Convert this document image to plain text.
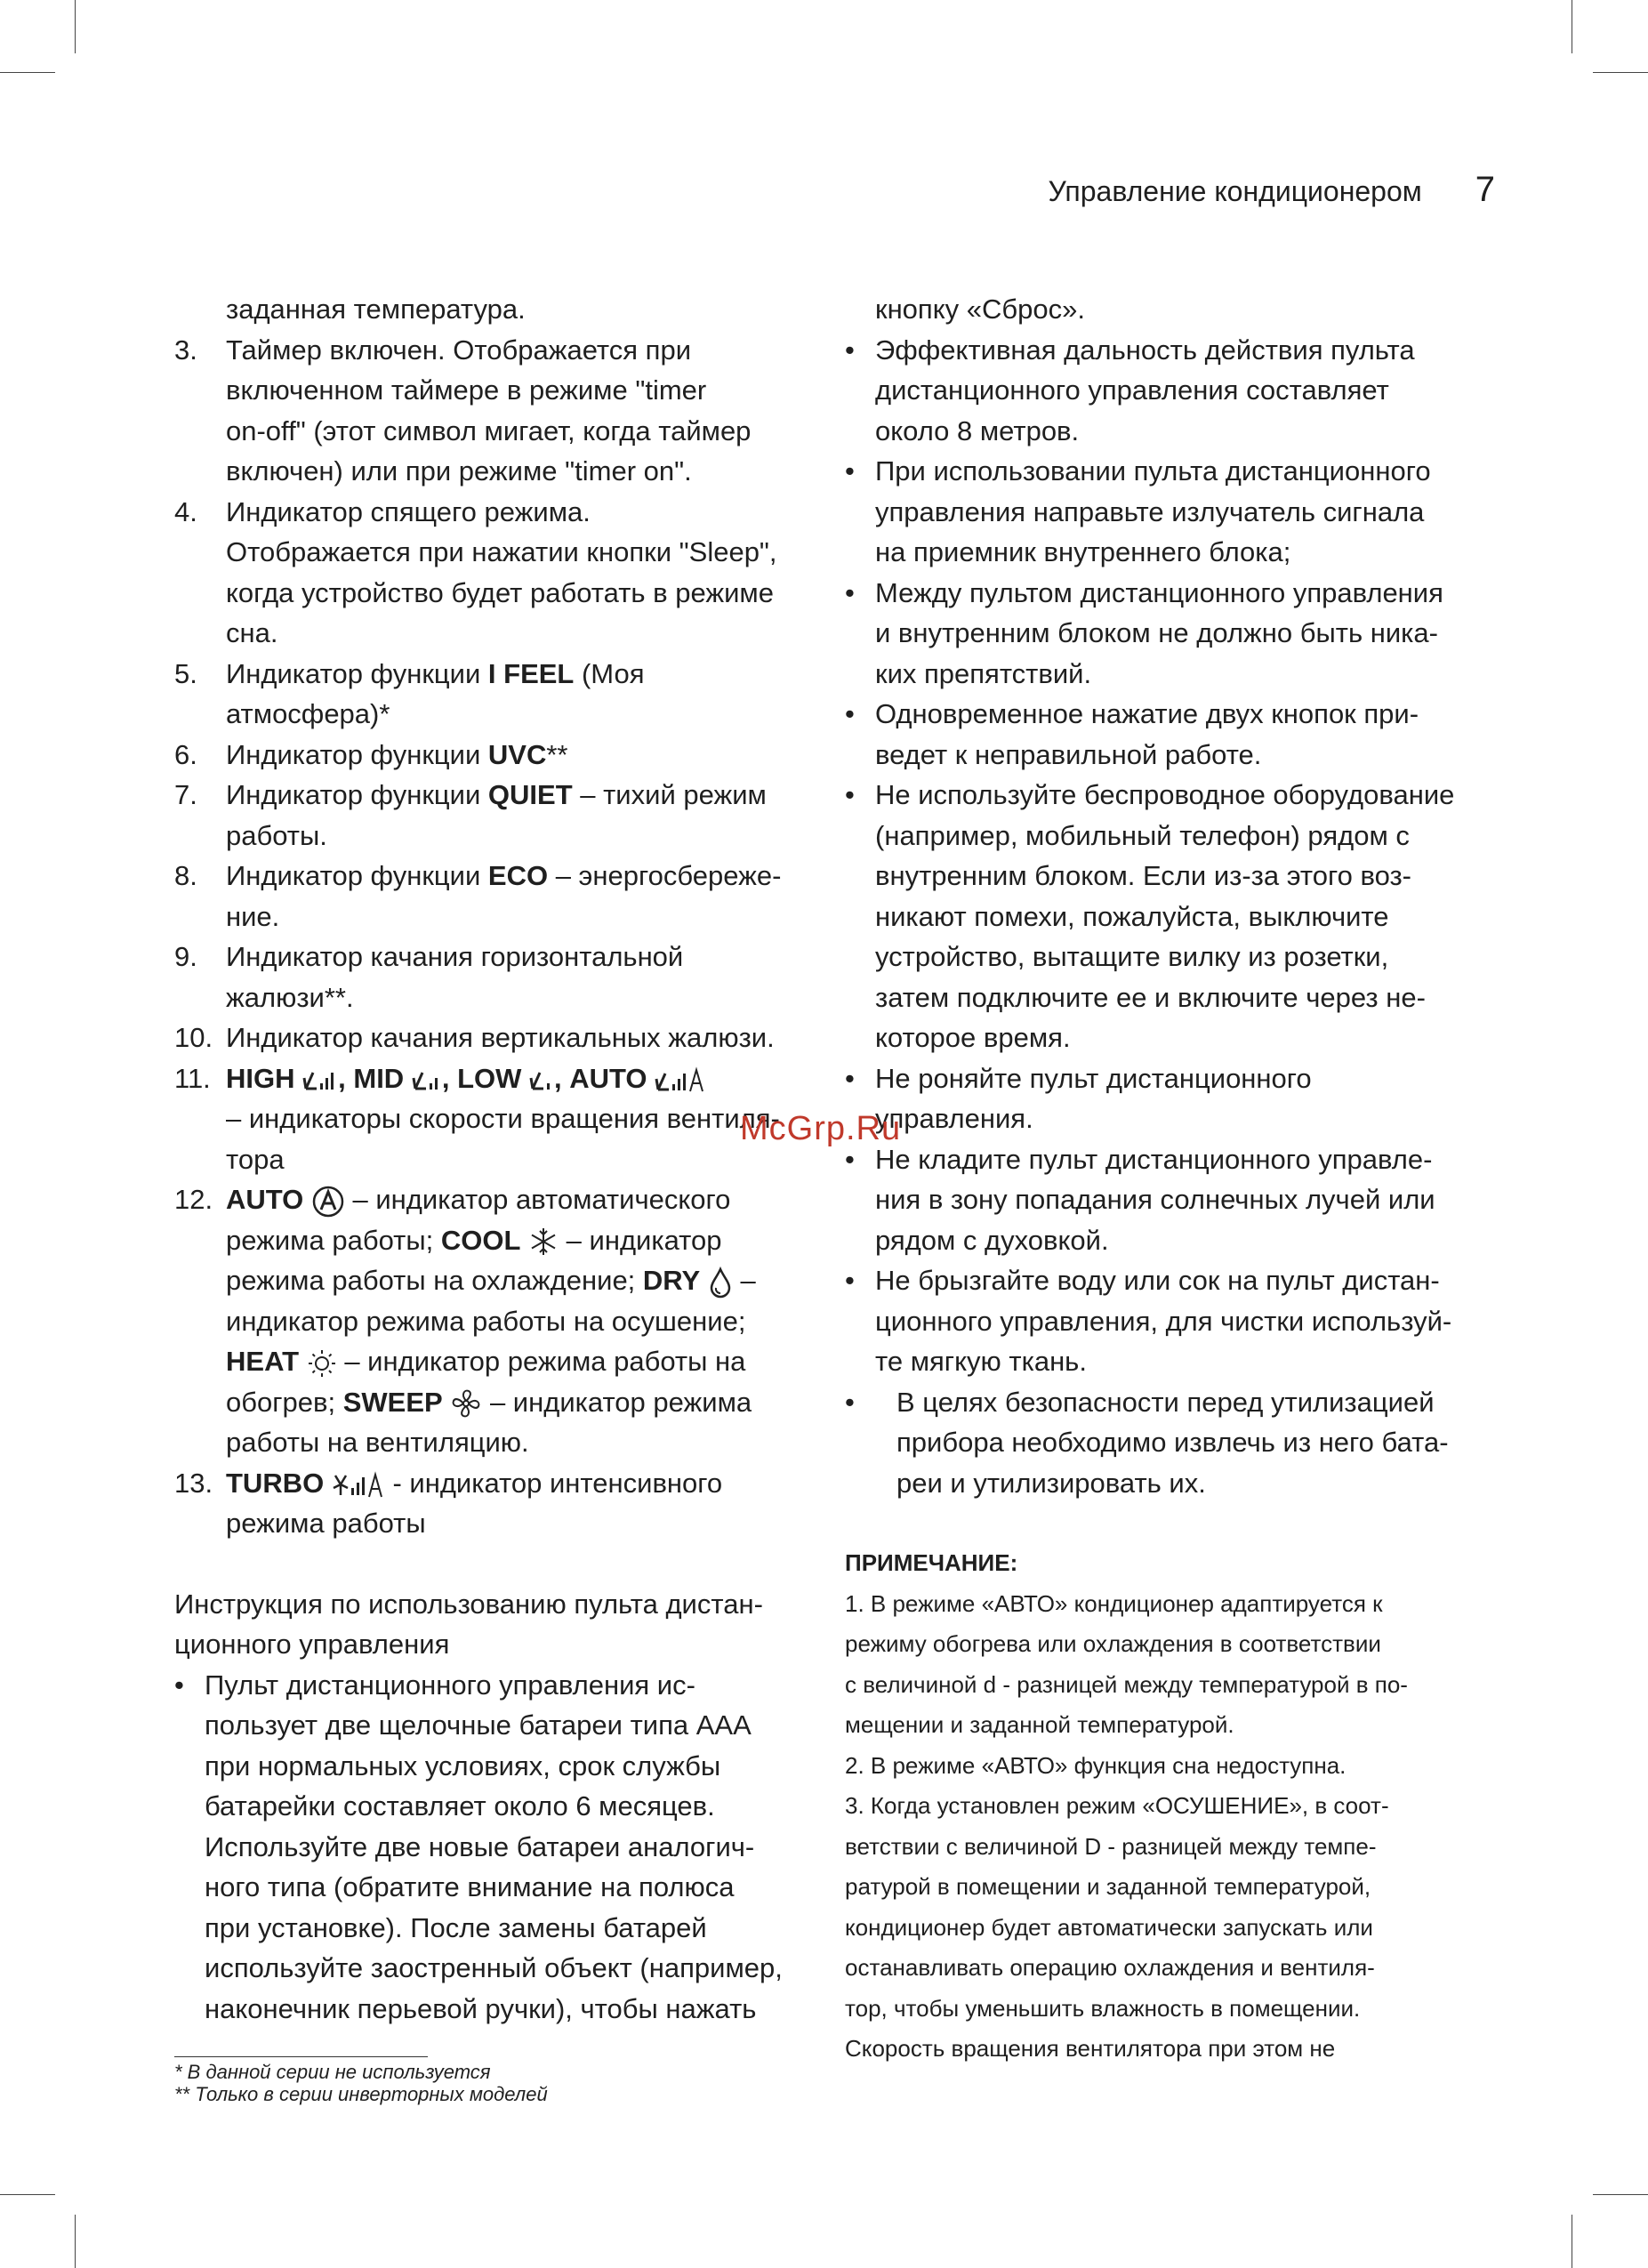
Управление кондиционером 7
заданная температура.
3.	Таймер включен. Отображается при
включенном таймере в режиме "timer
on-off" (этот символ мигает, когда таймер
включен) или при режиме "timer on".
4.	Индикатор спящего режима.
Отображается при нажатии кнопки "Sleep",
когда устройство будет работать в режиме
сна.
5.	Индикатор функции I FEEL (Моя
атмосфера)*
6.	Индикатор функции UVC**
7.	Индикатор функции QUIET – тихий режим
работы.
8.	Индикатор функции ECO – энергосбереже-
ние.
9.	Индикатор качания горизонтальной
жалюзи**.
10. Индикатор качания вертикальных жалюзи.
11. HIGH , MID , LOW , AUTO
– индикаторы скорости вращения вентиля-
тора
12. AUTO  – индикатор автоматического
режима работы; COOL  – индикатор
режима работы на охлаждение; DRY  –
индикатор режима работы на осушение;
HEAT  – индикатор режима работы на
обогрев; SWEEP  – индикатор режима
работы на вентиляцию.
13. TURBO  - индикатор интенсивного
режима работы
Инструкция по использованию пульта дистан-
ционного управления
• Пульт дистанционного управления ис-
пользует две щелочные батареи типа AAA
при нормальных условиях, срок службы
батарейки составляет около 6 месяцев.
Используйте две новые батареи аналогич-
ного типа (обратите внимание на полюса
при установке). После замены батарей
используйте заостренный объект (например,
наконечник перьевой ручки), чтобы нажать
кнопку «Сброс».
• Эффективная дальность действия пульта
дистанционного управления составляет
около 8 метров.
• При использовании пульта дистанционного
управления направьте излучатель сигнала
на приемник внутреннего блока;
• Между пультом дистанционного управления
и внутренним блоком не должно быть ника-
ких препятствий.
• Одновременное нажатие двух кнопок при-
ведет к неправильной работе.
• Не используйте беспроводное оборудование
(например, мобильный телефон) рядом с
внутренним блоком. Если из-за этого воз-
никают помехи, пожалуйста, выключите
устройство, вытащите вилку из розетки,
затем подключите ее и включите через не-
которое время.
• Не роняйте пульт дистанционного
управления.
• Не кладите пульт дистанционного управле-
ния в зону попадания солнечных лучей или
рядом с духовкой.
• Не брызгайте воду или сок на пульт дистан-
ционного управления, для чистки используй-
те мягкую ткань.
•	В целях безопасности перед утилизацией
прибора необходимо извлечь из него бата-
реи и утилизировать их.
ПРИМЕЧАНИЕ:
1. В режиме «АВТО» кондиционер адаптируется к
режиму обогрева или охлаждения в соответствии
с величиной d - разницей между температурой в по-
мещении и заданной температурой.
2. В режиме «АВТО» функция сна недоступна.
3. Когда установлен режим «ОСУШЕНИЕ», в соот-
ветствии с величиной D - разницей между темпе-
ратурой в помещении и заданной температурой,
кондиционер будет автоматически запускать или
останавливать операцию охлаждения и вентиля-
тор, чтобы уменьшить влажность в помещении.
Скорость вращения вентилятора при этом не
McGrp.Ru
* В данной серии не используется
** Только в серии инверторных моделей
